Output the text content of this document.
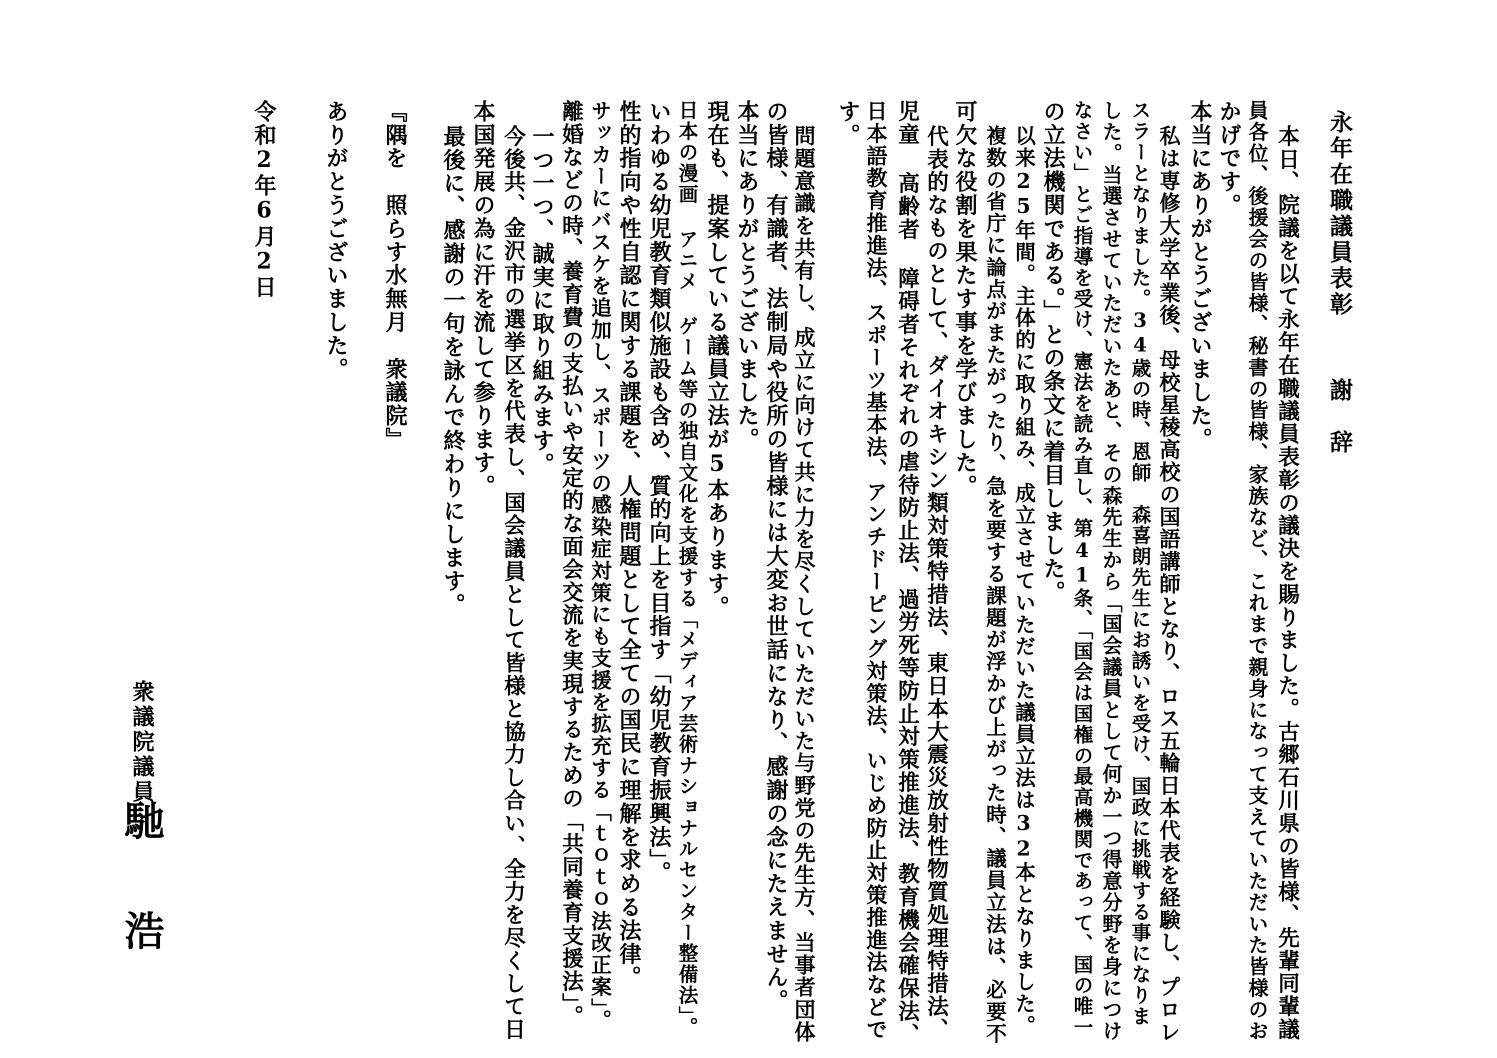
永年在職議員表彰謝　辞
本日、院議を以て永年在職議員表彰の議決を賜りました。古郷石川県の皆様、先輩同輩議
員各位、後援会の皆様、秘書の皆様、家族など、これまで親身になって支えていただいた皆様のお
かげです。
本当にありがとうございました。
私は専修大学卒業後、母校星稜高校の国語講師となり、ロス五輪日本代表を経験し、プロレ
スラーとなりました。34歳の時、恩師　森喜朗先生にお誘いを受け、国政に挑戦する事になりま
した。当選させていただいたあと、その森先生から「国会議員として何か一つ得意分野を身につけ
なさい」とご指導を受け、憲法を読み直し、第41条、「国会は国権の最高機関であって、国の唯一
の立法機関である。」との条文に着目しました。
以来25年間。主体的に取り組み、成立させていただいた議員立法は32本となりました。
複数の省庁に論点がまたがったり、急を要する課題が浮かび上がった時、議員立法は、必要不
可欠な役割を果たす事を学びました。
代表的なものとして、ダイオキシン類対策特措法、東日本大震災放射性物質処理特措法、
児童 高齢者 障碍者それぞれの虐待防止法、過労死等防止対策推進法、教育機会確保法、
日本語教育推進法、スポーツ基本法、アンチドーピング対策法、いじめ防止対策推進法などで
す。
問題意識を共有し、成立に向けて共に力を尽くしていただいた与野党の先生方、当事者団体
の皆様、有識者、法制局や役所の皆様には大変お世話になり、感謝の念にたえません。
本当にありがとうございました。
現在も、提案している議員立法が5本あります。
日本の漫画 アニメ ゲーム等の独自文化を支援する「メディア芸術ナショナルセンター整備法」。
いわゆる幼児教育類似施設も含め、質的向上を目指す「幼児教育振興法」。
性的指向や性自認に関する課題を、人権問題として全ての国民に理解を求める法律。
サッカーにバスケを追加し、スポーツの感染症対策にも支援を拡充する「ｔｏｔｏ法改正案」。
離婚などの時、養育費の支払いや安定的な面会交流を実現するための「共同養育支援法」。
一つ一つ、誠実に取り組みます。
今後共、金沢市の選挙区を代表し、国会議員として皆様と協力し合い、全力を尽くして日
本国発展の為に汗を流して参ります。
最後に、感謝の一句を詠んで終わりにします。
『隅を　照らす水無月　衆議院』
ありがとうございました。
令和2年6月2日
衆議院議員
馳浩
